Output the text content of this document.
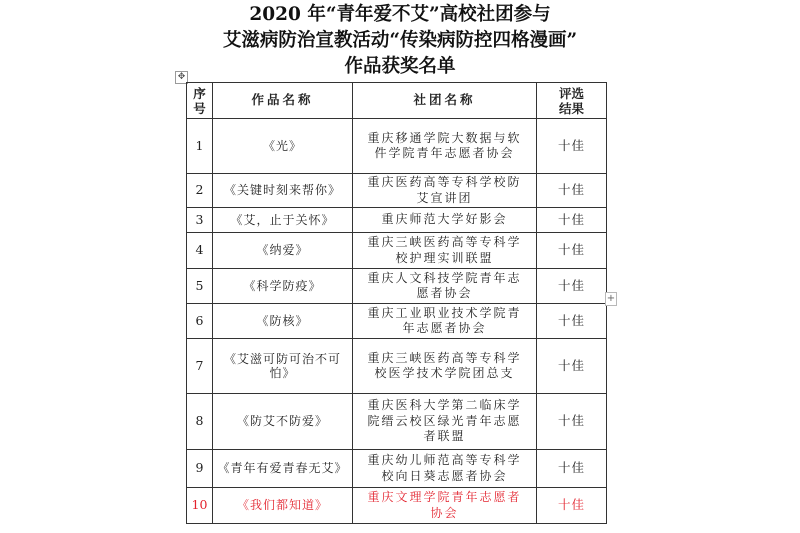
2020 年“青年爱不艾”高校社团参与
艾滋病防治宣教活动“传染病防控四格漫画”
作品获奖名单
✥
序号	作品名称	社团名称	评选结果
1	《光》	重庆移通学院大数据与软件学院青年志愿者协会	十佳
2	《关键时刻来帮你》	重庆医药高等专科学校防艾宣讲团	十佳
3	《艾，止于关怀》	重庆师范大学好影会	十佳
4	《纳爱》	重庆三峡医药高等专科学校护理实训联盟	十佳
5	《科学防疫》	重庆人文科技学院青年志愿者协会	十佳
6	《防核》	重庆工业职业技术学院青年志愿者协会	十佳
7	《艾滋可防可治不可怕》	重庆三峡医药高等专科学校医学技术学院团总支	十佳
8	《防艾不防爱》	重庆医科大学第二临床学院缙云校区绿光青年志愿者联盟	十佳
9	《青年有爱青春无艾》	重庆幼儿师范高等专科学校向日葵志愿者协会	十佳
10	《我们都知道》	重庆文理学院青年志愿者协会	十佳
+
